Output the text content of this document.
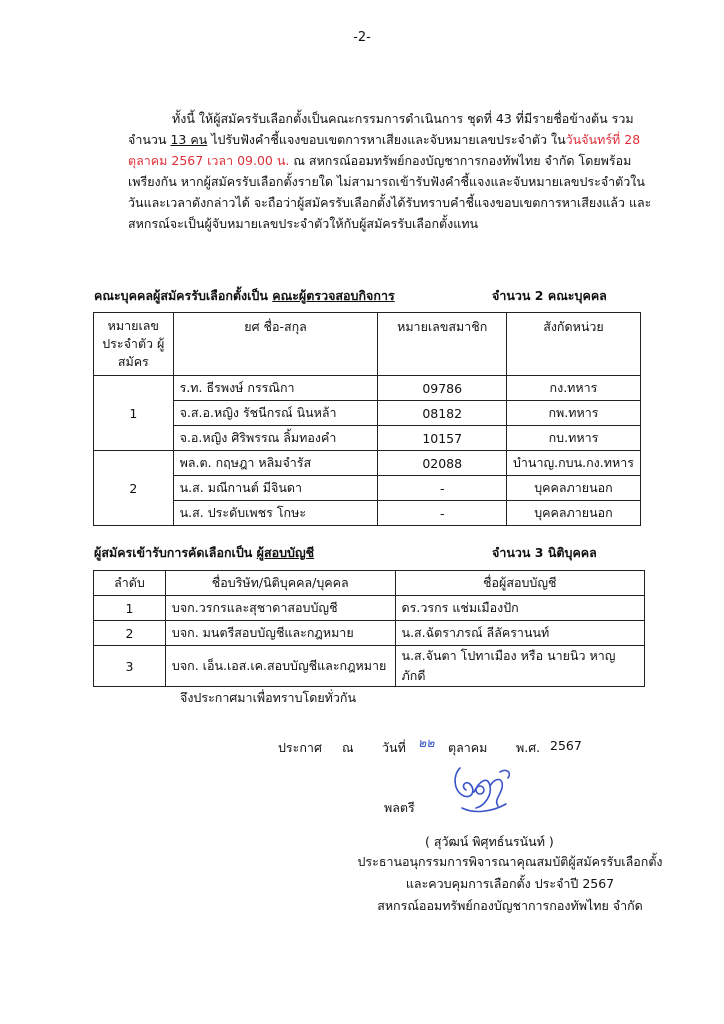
-2-
ทั้งนี้ ให้ผู้สมัครรับเลือกตั้งเป็นคณะกรรมการดำเนินการ ชุดที่ 43 ที่มีรายชื่อข้างต้น รวมจำนวน 13 คน ไปรับฟังคำชี้แจงขอบเขตการหาเสียงและจับหมายเลขประจำตัว ในวันจันทร์ที่ 28 ตุลาคม 2567 เวลา 09.00 น. ณ สหกรณ์ออมทรัพย์กองบัญชาการกองทัพไทย จำกัด โดยพร้อมเพรียงกัน หากผู้สมัครรับเลือกตั้งรายใด ไม่สามารถเข้ารับฟังคำชี้แจงและจับหมายเลขประจำตัวในวันและเวลาดังกล่าวได้ จะถือว่าผู้สมัครรับเลือกตั้งได้รับทราบคำชี้แจงขอบเขตการหาเสียงแล้ว และสหกรณ์จะเป็นผู้จับหมายเลขประจำตัวให้กับผู้สมัครรับเลือกตั้งแทน
คณะบุคคลผู้สมัครรับเลือกตั้งเป็น คณะผู้ตรวจสอบกิจการ	จำนวน 2 คณะบุคคล
หมายเลข ประจำตัว ผู้สมัคร	ยศ ชื่อ-สกุล	หมายเลขสมาชิก	สังกัดหน่วย
1	ร.ท. ธีรพงษ์ กรรณิกา	09786	กง.ทหาร
	จ.ส.อ.หญิง รัชนีกรณ์ นินหล้า	08182	กพ.ทหาร
	จ.อ.หญิง ศิริพรรณ ลิ้มทองคำ	10157	กบ.ทหาร
2	พล.ต. กฤษฎา หลิมจำรัส	02088	บำนาญ.กบน.กง.ทหาร
	น.ส. มณีกานต์ มีจินดา	-	บุคคลภายนอก
	น.ส. ประดับเพชร โกษะ	-	บุคคลภายนอก
ผู้สมัครเข้ารับการคัดเลือกเป็น ผู้สอบบัญชี	จำนวน 3 นิติบุคคล
ลำดับ	ชื่อบริษัท/นิติบุคคล/บุคคล	ชื่อผู้สอบบัญชี
1	บจก.วรกรและสุชาดาสอบบัญชี	ดร.วรกร แช่มเมืองปัก
2	บจก. มนตรีสอบบัญชีและกฎหมาย	น.ส.ฉัตราภรณ์ ลีลัครานนท์
3	บจก. เอ็น.เอส.เค.สอบบัญชีและกฎหมาย	น.ส.จันตา โปทาเมือง หรือ นายนิว หาญภักดี
จึงประกาศมาเพื่อทราบโดยทั่วกัน
ประกาศ ณ วันที่ ๒๒ ตุลาคม พ.ศ. 2567
พลตรี
( สุวัฒน์ พิศุทธ์นรนันท์ )
ประธานอนุกรรมการพิจารณาคุณสมบัติผู้สมัครรับเลือกตั้ง
และควบคุมการเลือกตั้ง ประจำปี 2567
สหกรณ์ออมทรัพย์กองบัญชาการกองทัพไทย จำกัด
